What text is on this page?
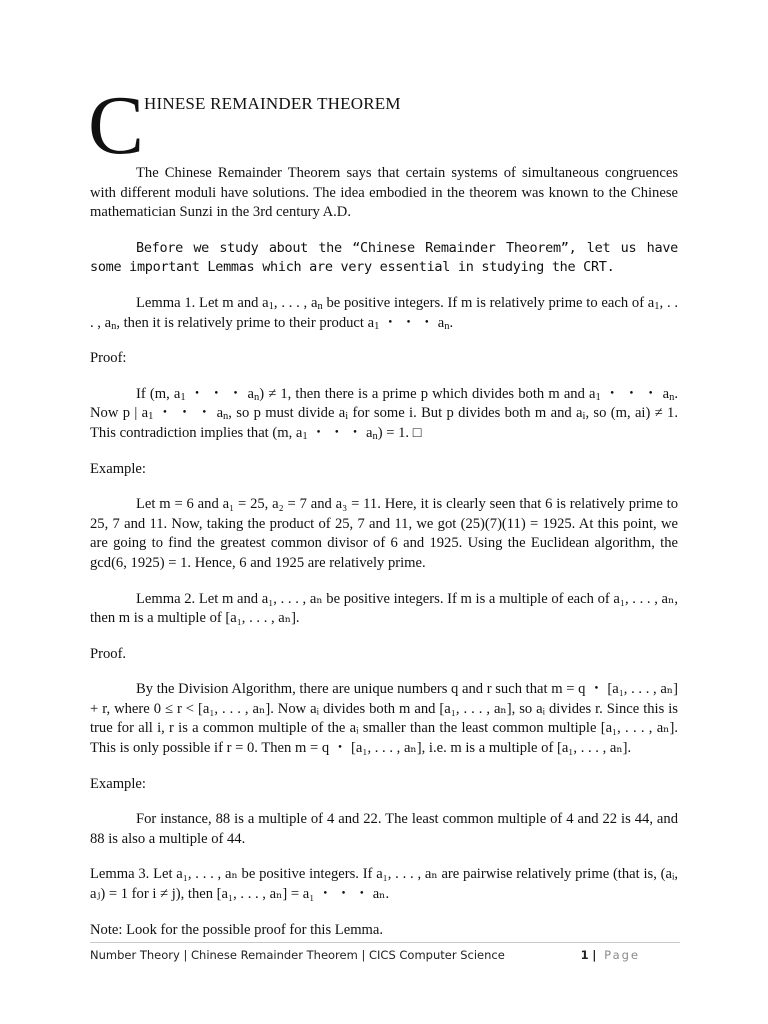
C HINESE REMAINDER THEOREM

The Chinese Remainder Theorem says that certain systems of simultaneous congruences with different moduli have solutions. The idea embodied in the theorem was known to the Chinese mathematician Sunzi in the 3rd century A.D.

Before we study about the “Chinese Remainder Theorem”, let us have some important Lemmas which are very essential in studying the CRT.

Lemma 1. Let m and $a_1$, . . . , $a_n$ be positive integers. If m is relatively prime to each of $a_1$, . . . , $a_n$, then it is relatively prime to their product $a_1$ ・ ・ ・ $a_n$.

Proof:

If (m, $a_1$ ・ ・ ・ $a_n) \ne 1$, then there is a prime p which divides both m and $a_1$ ・ ・ ・ $a_n$. Now p | $a_1$ ・ ・ ・ $a_n$, so p must divide $a_i$ for some i. But p divides both m and $a_i$, so (m, ai) ≠ 1. This contradiction implies that (m, $a_1$ ・ ・ ・ $a_n) = 1$. □

Example:

Let m = 6 and a₁ = 25, a₂ = 7 and a₃ = 11. Here, it is clearly seen that 6 is relatively prime to 25, 7 and 11. Now, taking the product of 25, 7 and 11, we got (25)(7)(11) = 1925. At this point, we are going to find the greatest common divisor of 6 and 1925. Using the Euclidean algorithm, the gcd(6, 1925) = 1. Hence, 6 and 1925 are relatively prime.

Lemma 2. Let m and a₁, . . . , aₙ be positive integers. If m is a multiple of each of a₁, . . . , aₙ, then m is a multiple of [a₁, . . . , aₙ].

Proof.

By the Division Algorithm, there are unique numbers q and r such that m = q ・ [a₁, . . . , aₙ] + r, where 0 ≤ r < [a₁, . . . , aₙ]. Now aᵢ divides both m and [a₁, . . . , aₙ], so aᵢ divides r. Since this is true for all i, r is a common multiple of the aᵢ smaller than the least common multiple [a₁, . . . , aₙ]. This is only possible if r = 0. Then m = q ・ [a₁, . . . , aₙ], i.e. m is a multiple of [a₁, . . . , aₙ].

Example:

For instance, 88 is a multiple of 4 and 22. The least common multiple of 4 and 22 is 44, and 88 is also a multiple of 44.

Lemma 3. Let a₁, . . . , aₙ be positive integers. If a₁, . . . , aₙ are pairwise relatively prime (that is, (aᵢ, aⱼ) = 1 for i ≠ j), then [a₁, . . . , aₙ] = a₁ ・ ・ ・ aₙ.

Note: Look for the possible proof for this Lemma.

Number Theory | Chinese Remainder Theorem | CICS Computer Science	1 | Page
